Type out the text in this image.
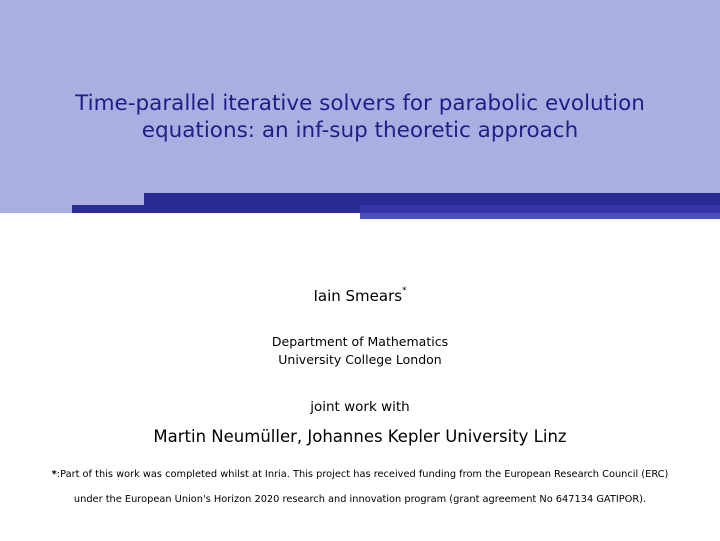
Time-parallel iterative solvers for parabolic evolution
equations: an inf-sup theoretic approach
Iain Smears*
Department of Mathematics
University College London
joint work with
Martin Neumüller, Johannes Kepler University Linz
*:Part of this work was completed whilst at Inria. This project has received funding from the European Research Council (ERC) under the European Union's Horizon 2020 research and innovation program (grant agreement No 647134 GATIPOR).
